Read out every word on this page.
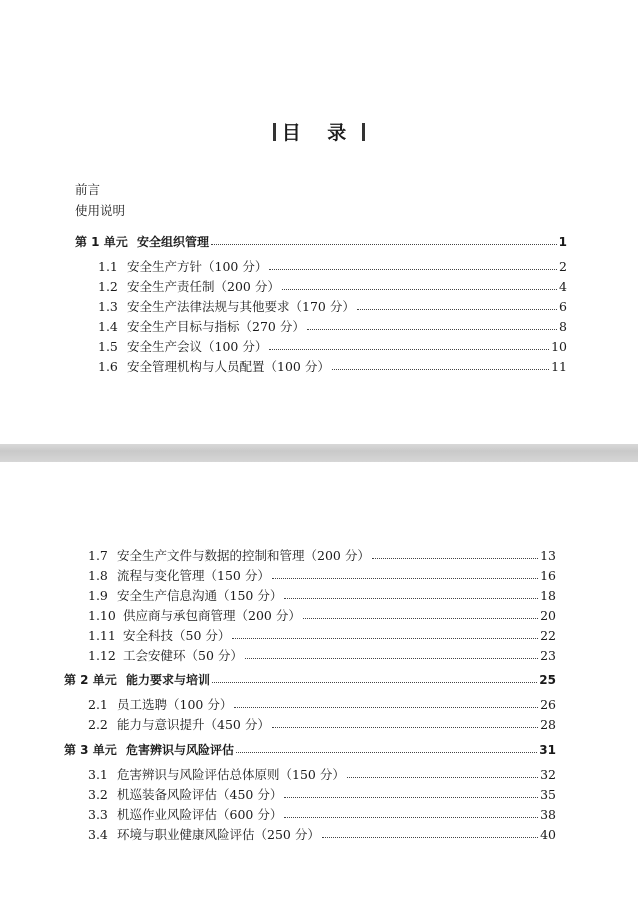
目 录
前言
使用说明
第 1 单元 安全组织管理	1
1.1 安全生产方针（100 分）	2
1.2 安全生产责任制（200 分）	4
1.3 安全生产法律法规与其他要求（170 分）	6
1.4 安全生产目标与指标（270 分）	8
1.5 安全生产会议（100 分）	10
1.6 安全管理机构与人员配置（100 分）	11
1.7 安全生产文件与数据的控制和管理（200 分）	13
1.8 流程与变化管理（150 分）	16
1.9 安全生产信息沟通（150 分）	18
1.10 供应商与承包商管理（200 分）	20
1.11 安全科技（50 分）	22
1.12 工会安健环（50 分）	23
第 2 单元 能力要求与培训	25
2.1 员工选聘（100 分）	26
2.2 能力与意识提升（450 分）	28
第 3 单元 危害辨识与风险评估	31
3.1 危害辨识与风险评估总体原则（150 分）	32
3.2 机巡装备风险评估（450 分）	35
3.3 机巡作业风险评估（600 分）	38
3.4 环境与职业健康风险评估（250 分）	40
